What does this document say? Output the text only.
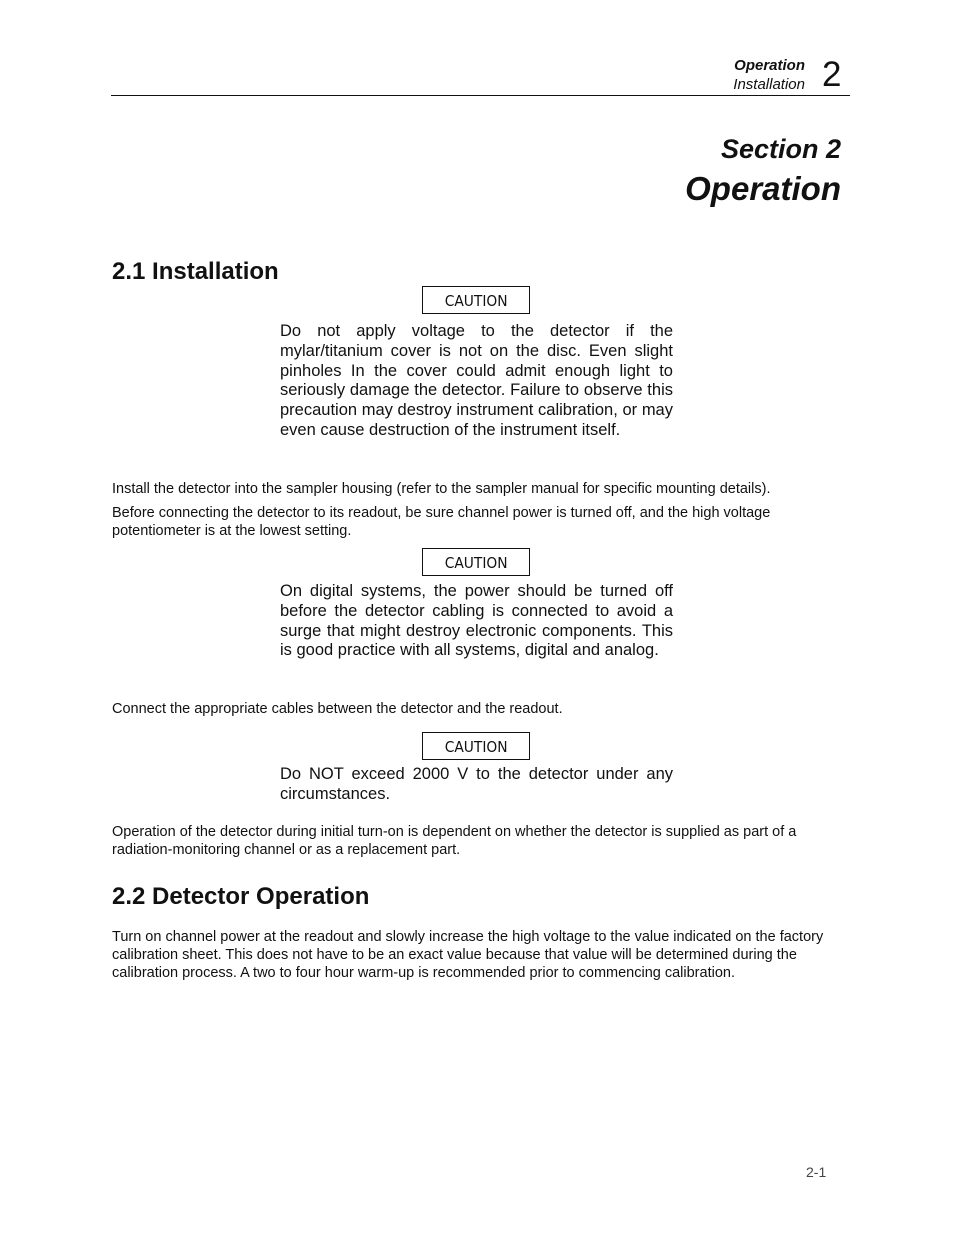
Operation
Installation 2
Section 2
Operation
2.1 Installation
CAUTION
Do not apply voltage to the detector if the mylar/titanium cover is not on the disc. Even slight pinholes In the cover could admit enough light to seriously damage the detector. Failure to observe this precaution may destroy instrument calibration, or may even cause destruction of the instrument itself.
Install the detector into the sampler housing (refer to the sampler manual for specific mounting details).
Before connecting the detector to its readout, be sure channel power is turned off, and the high voltage potentiometer is at the lowest setting.
CAUTION
On digital systems, the power should be turned off before the detector cabling is connected to avoid a surge that might destroy electronic components. This is good practice with all systems, digital and analog.
Connect the appropriate cables between the detector and the readout.
CAUTION
Do NOT exceed 2000 V to the detector under any circumstances.
Operation of the detector during initial turn-on is dependent on whether the detector is supplied as part of a radiation-monitoring channel or as a replacement part.
2.2 Detector Operation
Turn on channel power at the readout and slowly increase the high voltage to the value indicated on the factory calibration sheet. This does not have to be an exact value because that value will be determined during the calibration process. A two to four hour warm-up is recommended prior to commencing calibration.
2-1
